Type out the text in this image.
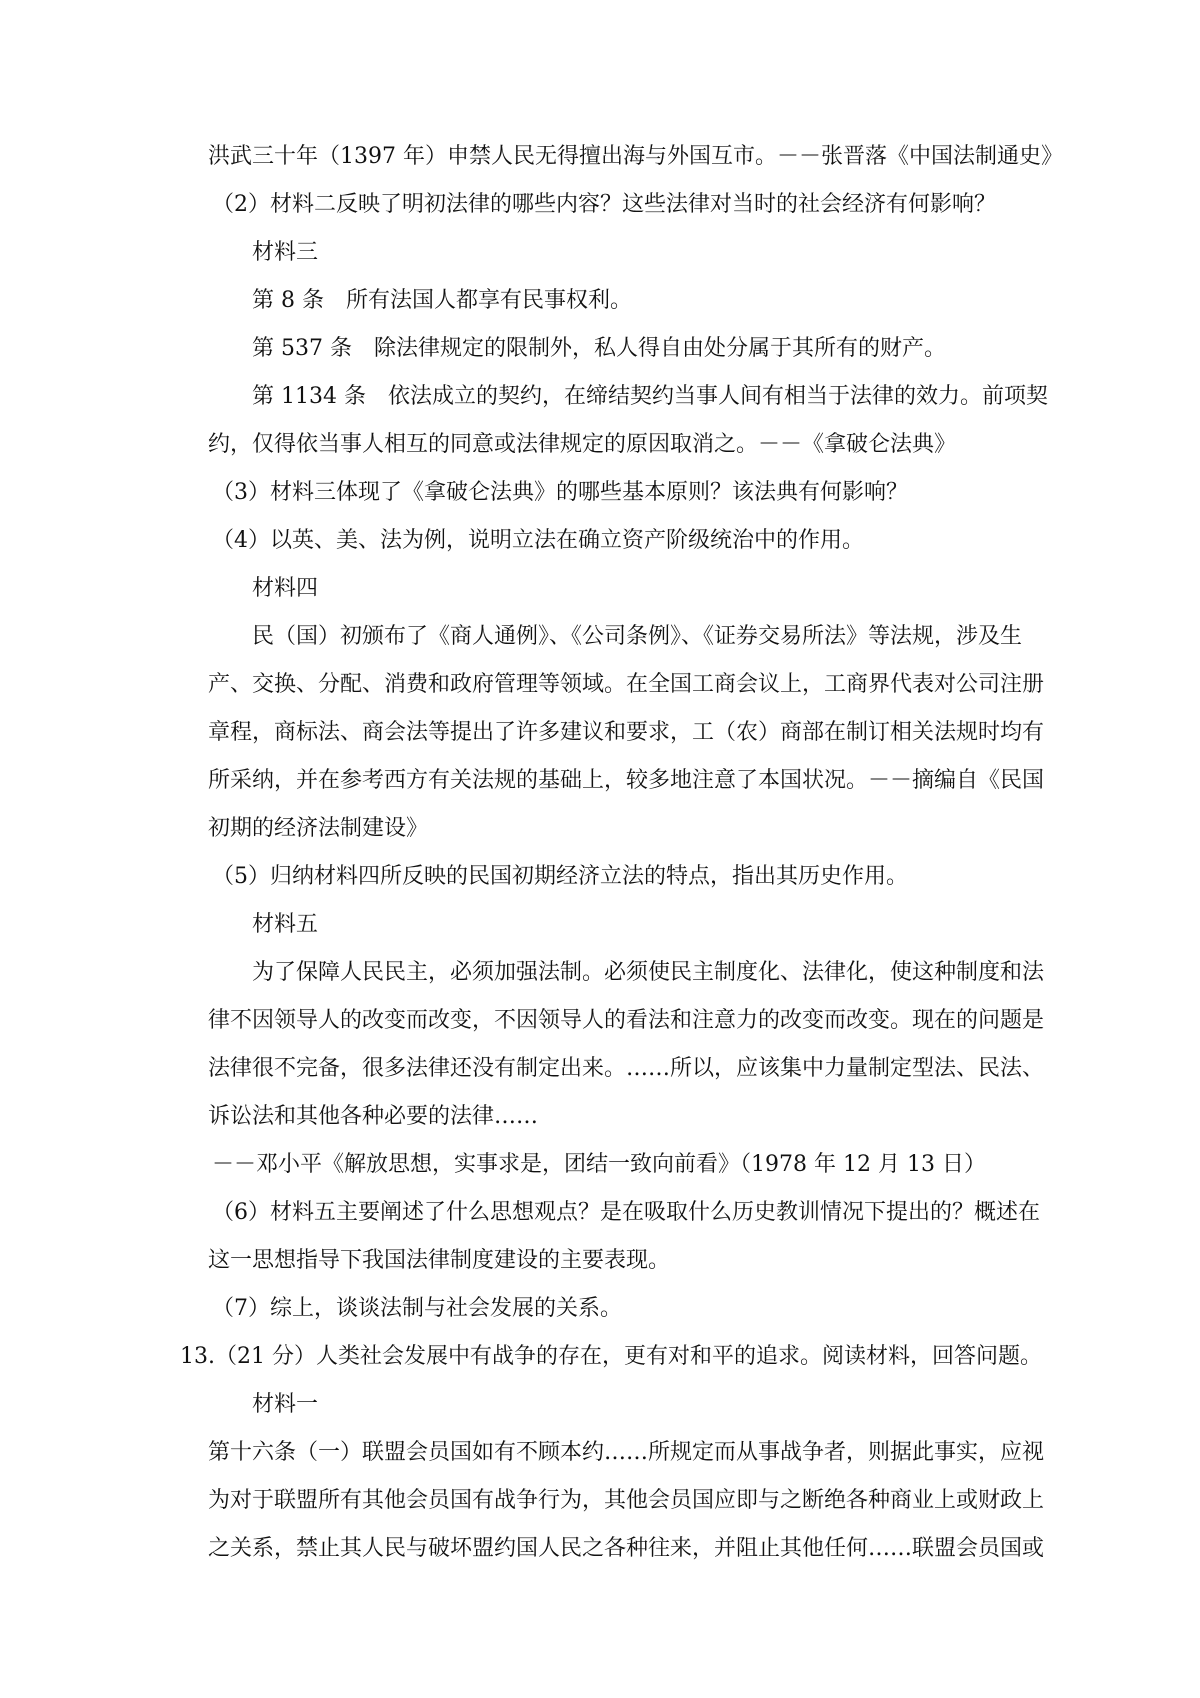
洪武三十年（1397 年）申禁人民无得擅出海与外国互市。－－张晋落《中国法制通史》
（2）材料二反映了明初法律的哪些内容？这些法律对当时的社会经济有何影响？
材料三
第 8 条　所有法国人都享有民事权利。
第 537 条　除法律规定的限制外，私人得自由处分属于其所有的财产。
第 1134 条　依法成立的契约，在缔结契约当事人间有相当于法律的效力。前项契
约，仅得依当事人相互的同意或法律规定的原因取消之。－－《拿破仑法典》
（3）材料三体现了《拿破仑法典》的哪些基本原则？该法典有何影响？
（4）以英、美、法为例，说明立法在确立资产阶级统治中的作用。
材料四
民（国）初颁布了《商人通例》、《公司条例》、《证券交易所法》等法规，涉及生
产、交换、分配、消费和政府管理等领域。在全国工商会议上，工商界代表对公司注册
章程，商标法、商会法等提出了许多建议和要求，工（农）商部在制订相关法规时均有
所采纳，并在参考西方有关法规的基础上，较多地注意了本国状况。－－摘编自《民国
初期的经济法制建设》
（5）归纳材料四所反映的民国初期经济立法的特点，指出其历史作用。
材料五
为了保障人民民主，必须加强法制。必须使民主制度化、法律化，使这种制度和法
律不因领导人的改变而改变，不因领导人的看法和注意力的改变而改变。现在的问题是
法律很不完备，很多法律还没有制定出来。……所以，应该集中力量制定型法、民法、
诉讼法和其他各种必要的法律……
－－邓小平《解放思想，实事求是，团结一致向前看》（1978 年 12 月 13 日）
（6）材料五主要阐述了什么思想观点？是在吸取什么历史教训情况下提出的？概述在
这一思想指导下我国法律制度建设的主要表现。
（7）综上，谈谈法制与社会发展的关系。
13.（21 分）人类社会发展中有战争的存在，更有对和平的追求。阅读材料，回答问题。
材料一
第十六条（一）联盟会员国如有不顾本约……所规定而从事战争者，则据此事实，应视
为对于联盟所有其他会员国有战争行为，其他会员国应即与之断绝各种商业上或财政上
之关系，禁止其人民与破坏盟约国人民之各种往来，并阻止其他任何……联盟会员国或
